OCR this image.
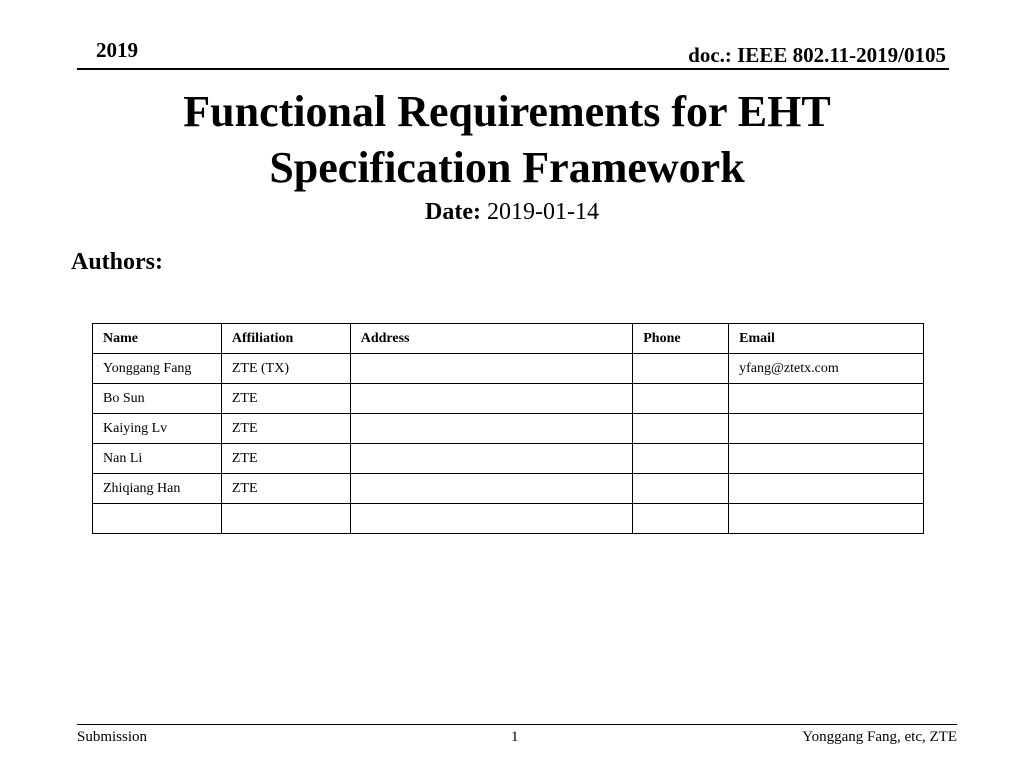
2019	doc.: IEEE 802.11-2019/0105
Functional Requirements for EHT
Specification Framework
Date: 2019-01-14
Authors:
Name	Affiliation	Address	Phone	Email
Yonggang Fang	ZTE (TX)			yfang@ztetx.com
Bo Sun	ZTE			
Kaiying Lv	ZTE			
Nan Li	ZTE			
Zhiqiang Han	ZTE			

Submission	1	Yonggang Fang, etc, ZTE
